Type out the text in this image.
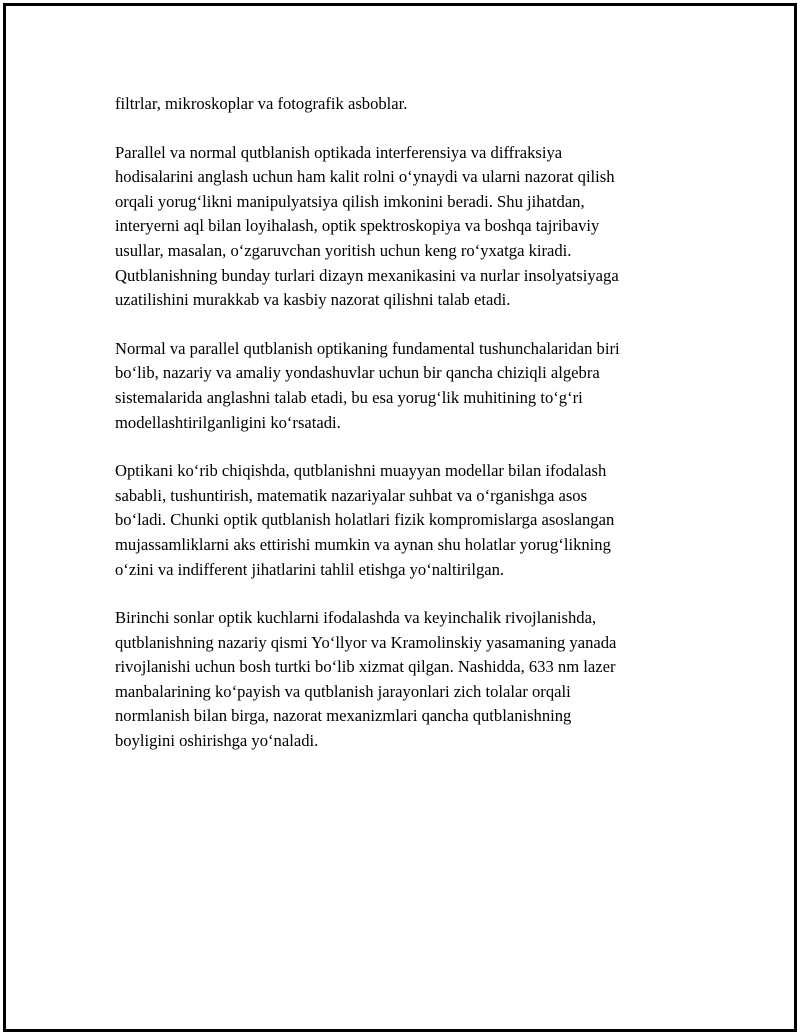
filtrlar, mikroskoplar va fotografik asboblar.
Parallel va normal qutblanish optikada interferensiya va diffraksiya
hodisalarini anglash uchun ham kalit rolni o‘ynaydi va ularni nazorat qilish
orqali yorug‘likni manipulyatsiya qilish imkonini beradi. Shu jihatdan,
interyerni aql bilan loyihalash, optik spektroskopiya va boshqa tajribaviy
usullar, masalan, o‘zgaruvchan yoritish uchun keng ro‘yxatga kiradi.
Qutblanishning bunday turlari dizayn mexanikasini va nurlar insolyatsiyaga
uzatilishini murakkab va kasbiy nazorat qilishni talab etadi.
Normal va parallel qutblanish optikaning fundamental tushunchalaridan biri
bo‘lib, nazariy va amaliy yondashuvlar uchun bir qancha chiziqli algebra
sistemalarida anglashni talab etadi, bu esa yorug‘lik muhitining to‘g‘ri
modellashtirilganligini ko‘rsatadi.
Optikani ko‘rib chiqishda, qutblanishni muayyan modellar bilan ifodalash
sababli, tushuntirish, matematik nazariyalar suhbat va o‘rganishga asos
bo‘ladi. Chunki optik qutblanish holatlari fizik kompromislarga asoslangan
mujassamliklarni aks ettirishi mumkin va aynan shu holatlar yorug‘likning
o‘zini va indifferent jihatlarini tahlil etishga yo‘naltirilgan.
Birinchi sonlar optik kuchlarni ifodalashda va keyinchalik rivojlanishda,
qutblanishning nazariy qismi Yo‘llyor va Kramolinskiy yasamaning yanada
rivojlanishi uchun bosh turtki bo‘lib xizmat qilgan. Nashidda, 633 nm lazer
manbalarining ko‘payish va qutblanish jarayonlari zich tolalar orqali
normlanish bilan birga, nazorat mexanizmlari qancha qutblanishning
boyligini oshirishga yo‘naladi.
